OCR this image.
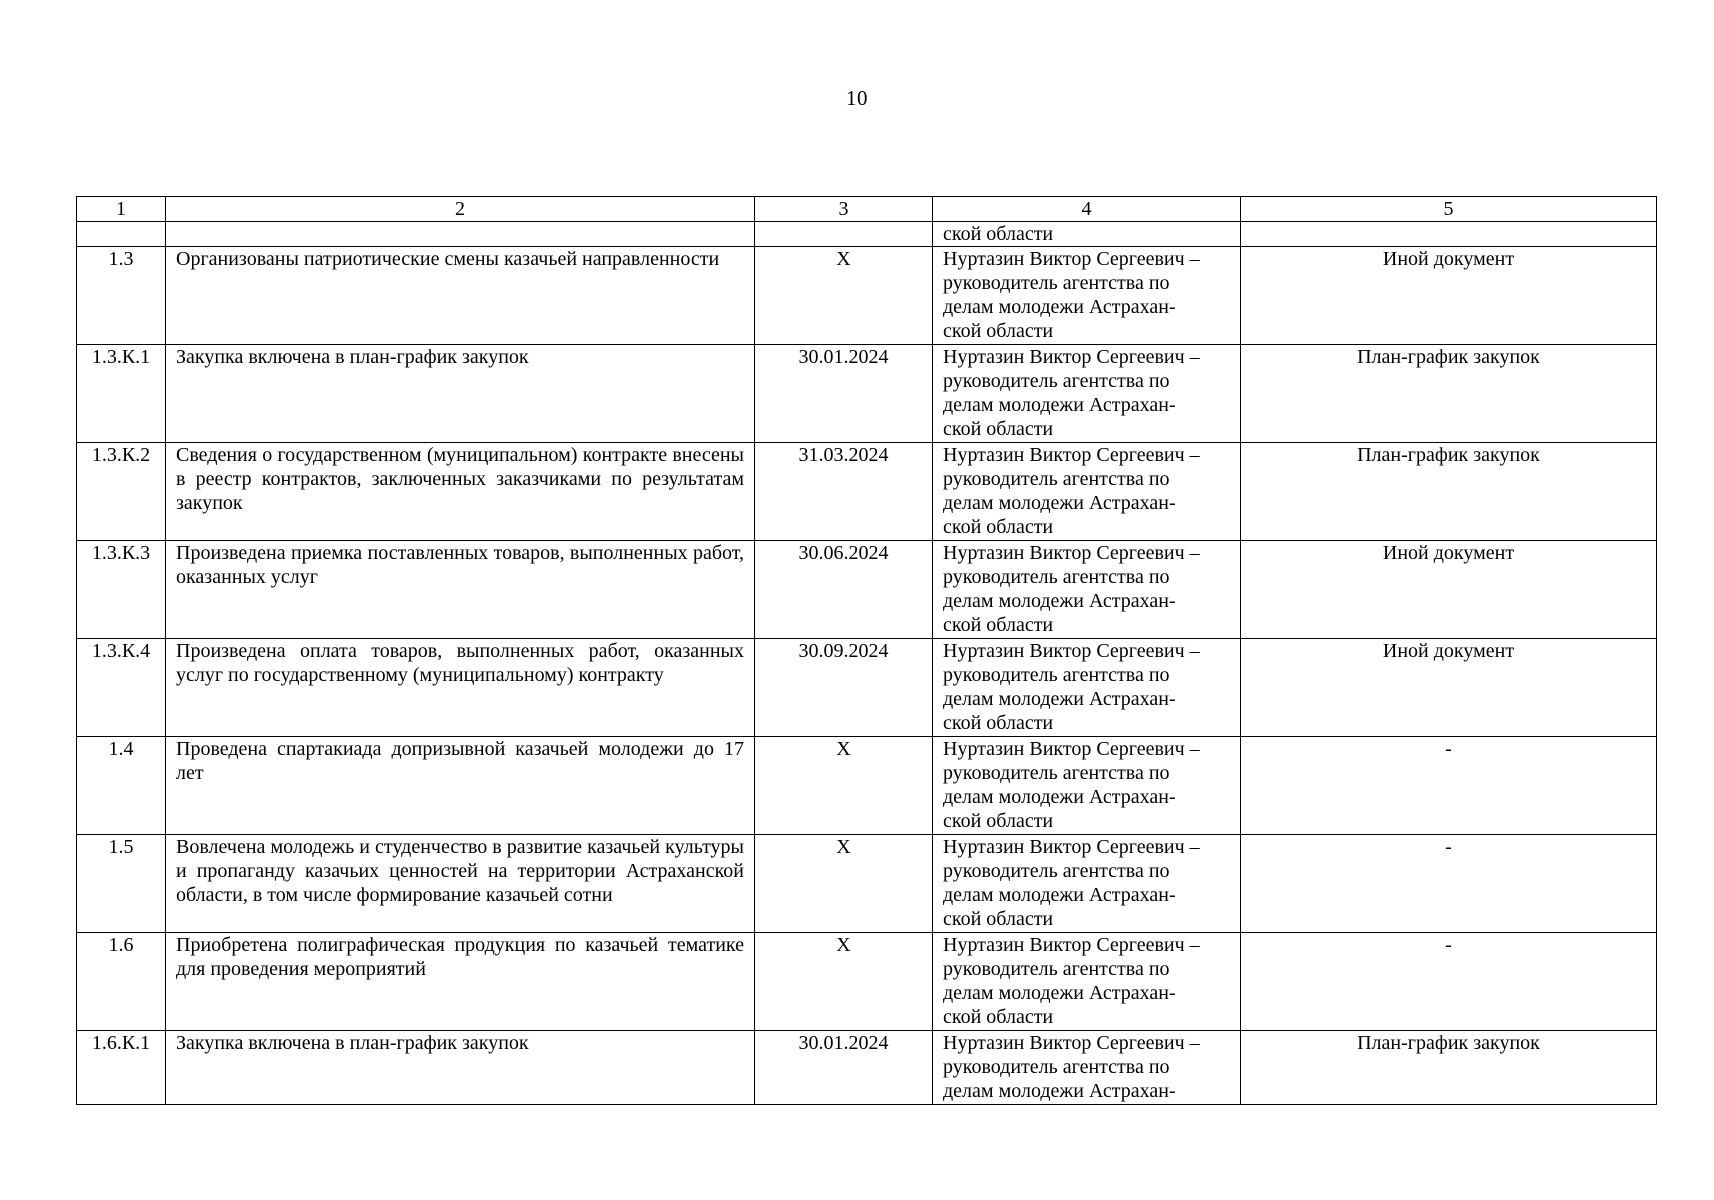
10
1	2	3	4	5
			ской области	
1.3	Организованы патриотические смены казачьей направленности	X	Нуртазин Виктор Сергеевич –
руководитель агентства по
делам молодежи Астрахан-
ской области	Иной документ
1.3.К.1	Закупка включена в план-график закупок	30.01.2024	Нуртазин Виктор Сергеевич –
руководитель агентства по
делам молодежи Астрахан-
ской области	План-график закупок
1.3.К.2	Сведения о государственном (муниципальном) контракте внесены в реестр контрактов, заключенных заказчиками по результатам закупок	31.03.2024	Нуртазин Виктор Сергеевич –
руководитель агентства по
делам молодежи Астрахан-
ской области	План-график закупок
1.3.К.3	Произведена приемка поставленных товаров, выполненных работ, оказанных услуг	30.06.2024	Нуртазин Виктор Сергеевич –
руководитель агентства по
делам молодежи Астрахан-
ской области	Иной документ
1.3.К.4	Произведена оплата товаров, выполненных работ, оказанных услуг по государственному (муниципальному) контракту	30.09.2024	Нуртазин Виктор Сергеевич –
руководитель агентства по
делам молодежи Астрахан-
ской области	Иной документ
1.4	Проведена спартакиада допризывной казачьей молодежи до 17 лет	X	Нуртазин Виктор Сергеевич –
руководитель агентства по
делам молодежи Астрахан-
ской области	-
1.5	Вовлечена молодежь и студенчество в развитие казачьей культуры и пропаганду казачьих ценностей на территории Астраханской области, в том числе формирование казачьей сотни	X	Нуртазин Виктор Сергеевич –
руководитель агентства по
делам молодежи Астрахан-
ской области	-
1.6	Приобретена полиграфическая продукция по казачьей тематике для проведения мероприятий	X	Нуртазин Виктор Сергеевич –
руководитель агентства по
делам молодежи Астрахан-
ской области	-
1.6.К.1	Закупка включена в план-график закупок	30.01.2024	Нуртазин Виктор Сергеевич –
руководитель агентства по
делам молодежи Астрахан-	План-график закупок
